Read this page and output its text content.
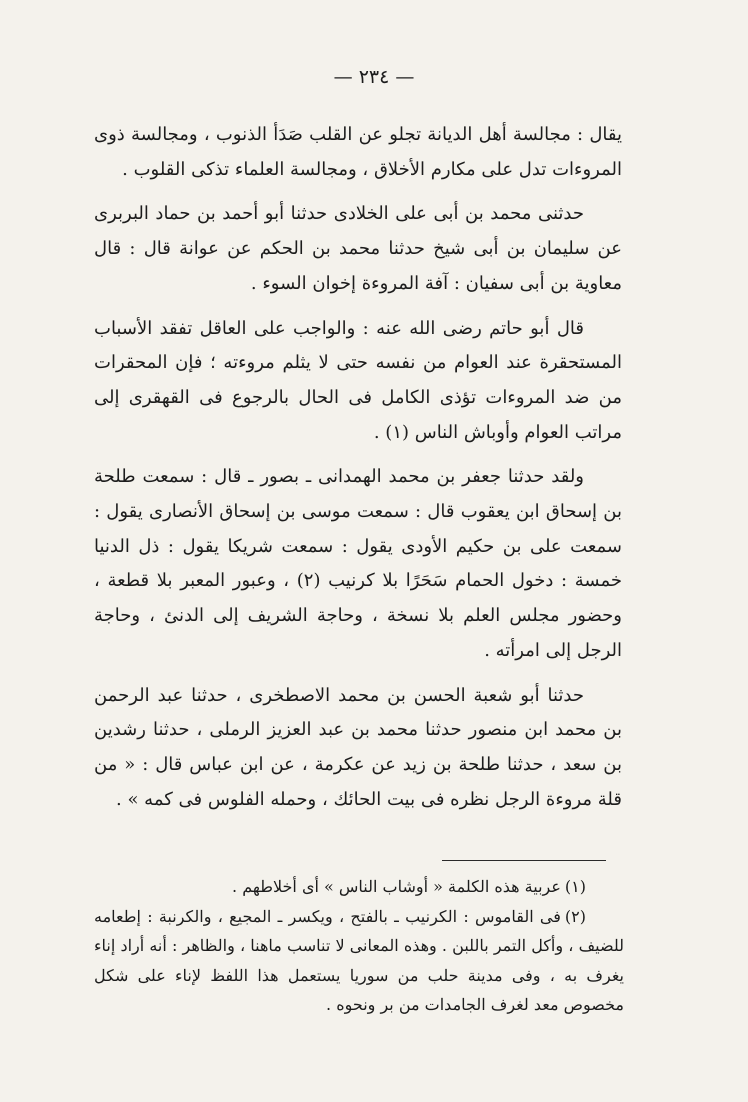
— ٢٣٤ —

يقال : مجالسة أهل الديانة تجلو عن القلب صَدَأ الذنوب ، ومجالسة ذوى المروءات تدل على مكارم الأخلاق ، ومجالسة العلماء تذكى القلوب .

حدثنى محمد بن أبى على الخلادى حدثنا أبو أحمد بن حماد البربرى عن سليمان بن أبى شيخ حدثنا محمد بن الحكم عن عوانة قال : قال معاوية بن أبى سفيان : آفة المروءة إخوان السوء .

قال أبو حاتم رضى الله عنه : والواجب على العاقل تفقد الأسباب المستحقرة عند العوام من نفسه حتى لا يثلم مروءته ؛ فإن المحقرات من ضد المروءات تؤذى الكامل فى الحال بالرجوع فى القهقرى إلى مراتب العوام وأوباش الناس (١) .

ولقد حدثنا جعفر بن محمد الهمدانى ـ بصور ـ قال : سمعت طلحة بن إسحاق ابن يعقوب قال : سمعت موسى بن إسحاق الأنصارى يقول : سمعت على بن حكيم الأودى يقول : سمعت شريكا يقول : ذل الدنيا خمسة : دخول الحمام سَحَرًا بلا كرنيب (٢) ، وعبور المعبر بلا قطعة ، وحضور مجلس العلم بلا نسخة ، وحاجة الشريف إلى الدنئ ، وحاجة الرجل إلى امرأته .

حدثنا أبو شعبة الحسن بن محمد الاصطخرى ، حدثنا عبد الرحمن بن محمد ابن منصور حدثنا محمد بن عبد العزيز الرملى ، حدثنا رشدين بن سعد ، حدثنا طلحة بن زيد عن عكرمة ، عن ابن عباس قال : « من قلة مروءة الرجل نظره فى بيت الحائك ، وحمله الفلوس فى كمه » .

(١)عربية هذه الكلمة « أوشاب الناس » أى أخلاطهم .

(٢)فى القاموس : الكرنيب ـ بالفتح ، ويكسر ـ المجيع ، والكرنبة : إطعامه للضيف ، وأكل التمر باللبن . وهذه المعانى لا تناسب ماهنا ، والظاهر : أنه أراد إناء يغرف به ، وفى مدينة حلب من سوريا يستعمل هذا اللفظ لإناء على شكل مخصوص معد لغرف الجامدات من بر ونحوه .
